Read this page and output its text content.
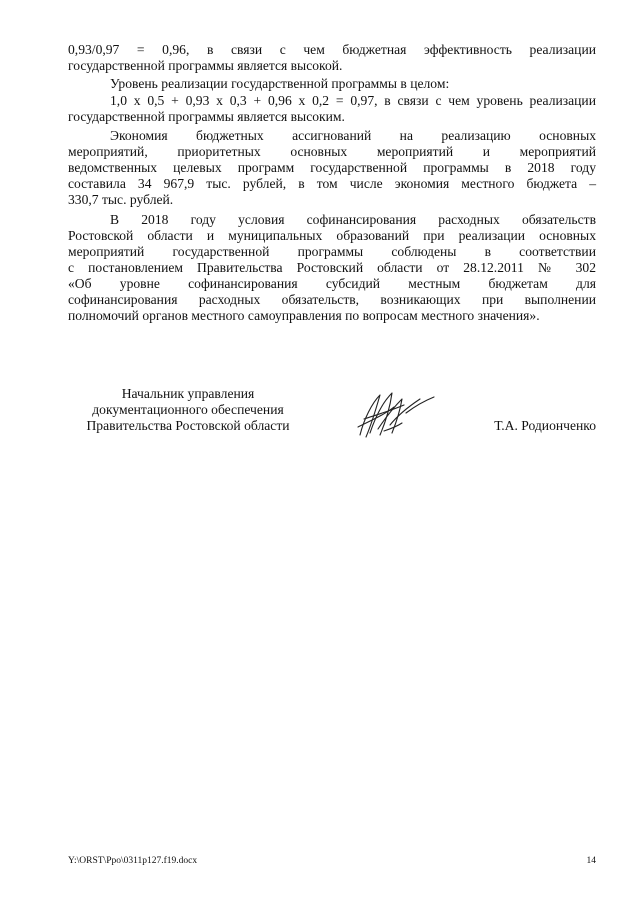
0,93/0,97 = 0,96, в связи с чем бюджетная эффективность реализации
государственной программы является высокой.
Уровень реализации государственной программы в целом:
1,0 х 0,5 + 0,93 х 0,3 + 0,96 х 0,2 = 0,97, в связи с чем уровень реализации
государственной программы является высоким.
Экономия бюджетных ассигнований на реализацию основных
мероприятий, приоритетных основных мероприятий и мероприятий
ведомственных целевых программ государственной программы в 2018 году
составила 34 967,9 тыс. рублей, в том числе экономия местного бюджета –
330,7 тыс. рублей.
В 2018 году условия софинансирования расходных обязательств
Ростовской области и муниципальных образований при реализации основных
мероприятий государственной программы соблюдены в соответствии
с постановлением Правительства Ростовский области от 28.12.2011 № 302
«Об уровне софинансирования субсидий местным бюджетам для
софинансирования расходных обязательств, возникающих при выполнении
полномочий органов местного самоуправления по вопросам местного значения».
Начальник управления
документационного обеспечения
Правительства Ростовской области	Т.А. Родионченко
Y:\ORST\Ppo\0311p127.f19.docx	14
